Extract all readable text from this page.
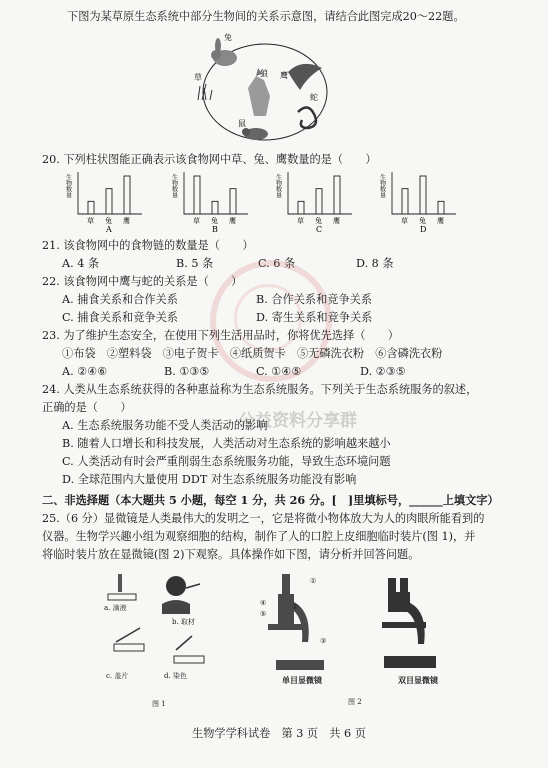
下图为某草原生态系统中部分生物间的关系示意图，请结合此图完成20～22题。
兔
狼 鹰
草
蛇
鼠
20. 下列柱状图能正确表示该食物网中草、兔、鹰数量的是（　　）
生物数量
草 兔 鹰
A
生物数量
草 兔 鹰
B
生物数量
草 兔 鹰
C
生物数量
草 兔 鹰
D
21. 该食物网中的食物链的数量是（　　）
A. 4 条	B. 5 条	C. 6 条	D. 8 条
22. 该食物网中鹰与蛇的关系是（　　）
A. 捕食关系和合作关系	B. 合作关系和竞争关系
C. 捕食关系和竞争关系	D. 寄生关系和竞争关系
23. 为了维护生态安全，在使用下列生活用品时，你将优先选择（　　）
①布袋　②塑料袋　③电子贺卡　④纸质贺卡　⑤无磷洗衣粉　⑥含磷洗衣粉
A. ②④⑥	B. ①③⑤	C. ①④⑤	D. ②③⑤
24. 人类从生态系统获得的各种惠益称为生态系统服务。下列关于生态系统服务的叙述，
正确的是（　　）
公益资料分享群
A. 生态系统服务功能不受人类活动的影响
B. 随着人口增长和科技发展，人类活动对生态系统的影响越来越小
C. 人类活动有时会严重削弱生态系统服务功能，导致生态环境问题
D. 全球范围内大量使用 DDT 对生态系统服务功能没有影响
二、非选择题（本大题共 5 小题，每空 1 分，共 26 分。[　]里填标号，______上填文字）
25.（6 分）显微镜是人类最伟大的发明之一，它是将微小物体放大为人的肉眼所能看到的
仪器。生物学兴趣小组为观察细胞的结构，制作了人的口腔上皮细胞临时装片(图 1)，并
将临时装片放在显微镜(图 2)下观察。具体操作如下图，请分析并回答问题。
a. 滴液
b. 取材
c. 盖片	d. 染色
图 1
①
②
④
⑤
③
单目显微镜	双目显微镜
图 2
生物学学科试卷　第 3 页　共 6 页
